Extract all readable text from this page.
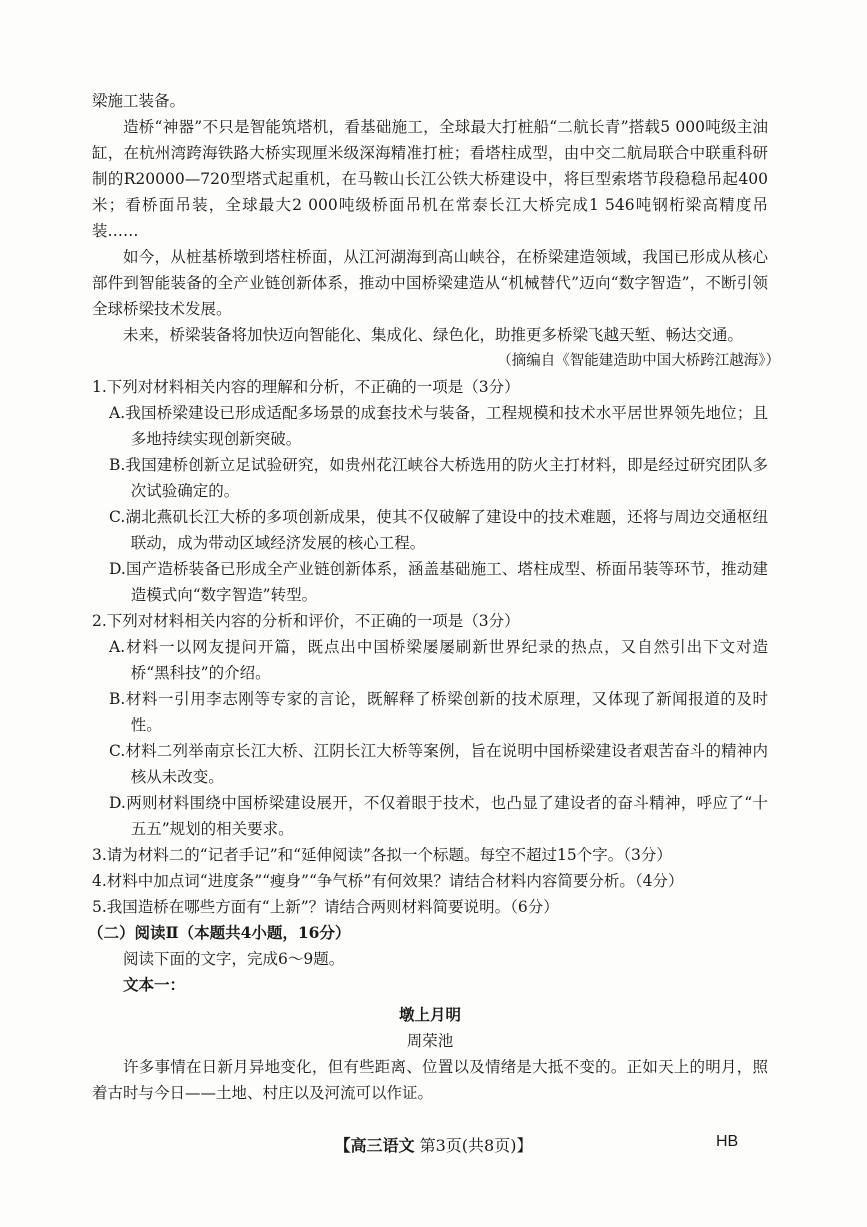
梁施工装备。

造桥“神器”不只是智能筑塔机，看基础施工，全球最大打桩船“二航长青”搭载5 000吨级主油缸，在杭州湾跨海铁路大桥实现厘米级深海精准打桩；看塔柱成型，由中交二航局联合中联重科研制的R20000—720型塔式起重机，在马鞍山长江公铁大桥建设中，将巨型索塔节段稳稳吊起400米；看桥面吊装，全球最大2 000吨级桥面吊机在常泰长江大桥完成1 546吨钢桁梁高精度吊装……

如今，从桩基桥墩到塔柱桥面，从江河湖海到高山峡谷，在桥梁建造领域，我国已形成从核心部件到智能装备的全产业链创新体系，推动中国桥梁建造从“机械替代”迈向“数字智造”，不断引领全球桥梁技术发展。

未来，桥梁装备将加快迈向智能化、集成化、绿色化，助推更多桥梁飞越天堑、畅达交通。

（摘编自《智能建造助中国大桥跨江越海》）

1.下列对材料相关内容的理解和分析，不正确的一项是（3分）

A.我国桥梁建设已形成适配多场景的成套技术与装备，工程规模和技术水平居世界领先地位；且多地持续实现创新突破。

B.我国建桥创新立足试验研究，如贵州花江峡谷大桥选用的防火主打材料，即是经过研究团队多次试验确定的。

C.湖北燕矶长江大桥的多项创新成果，使其不仅破解了建设中的技术难题，还将与周边交通枢纽联动，成为带动区域经济发展的核心工程。

D.国产造桥装备已形成全产业链创新体系，涵盖基础施工、塔柱成型、桥面吊装等环节，推动建造模式向“数字智造”转型。

2.下列对材料相关内容的分析和评价，不正确的一项是（3分）

A.材料一以网友提问开篇，既点出中国桥梁屡屡刷新世界纪录的热点，又自然引出下文对造桥“黑科技”的介绍。

B.材料一引用李志刚等专家的言论，既解释了桥梁创新的技术原理，又体现了新闻报道的及时性。

C.材料二列举南京长江大桥、江阴长江大桥等案例，旨在说明中国桥梁建设者艰苦奋斗的精神内核从未改变。

D.两则材料围绕中国桥梁建设展开，不仅着眼于技术，也凸显了建设者的奋斗精神，呼应了“十五五”规划的相关要求。

3.请为材料二的“记者手记”和“延伸阅读”各拟一个标题。每空不超过15个字。（3分）

4.材料中加点词“进度条”“瘦身”“争气桥”有何效果？请结合材料内容简要分析。（4分）

5.我国造桥在哪些方面有“上新”？请结合两则材料简要说明。（6分）

（二）阅读Ⅱ（本题共4小题，16分）

阅读下面的文字，完成6～9题。

文本一：

墩上月明

周荣池

许多事情在日新月异地变化，但有些距离、位置以及情绪是大抵不变的。正如天上的明月，照着古时与今日——土地、村庄以及河流可以作证。

【高三语文 第3页(共8页)】	HB
